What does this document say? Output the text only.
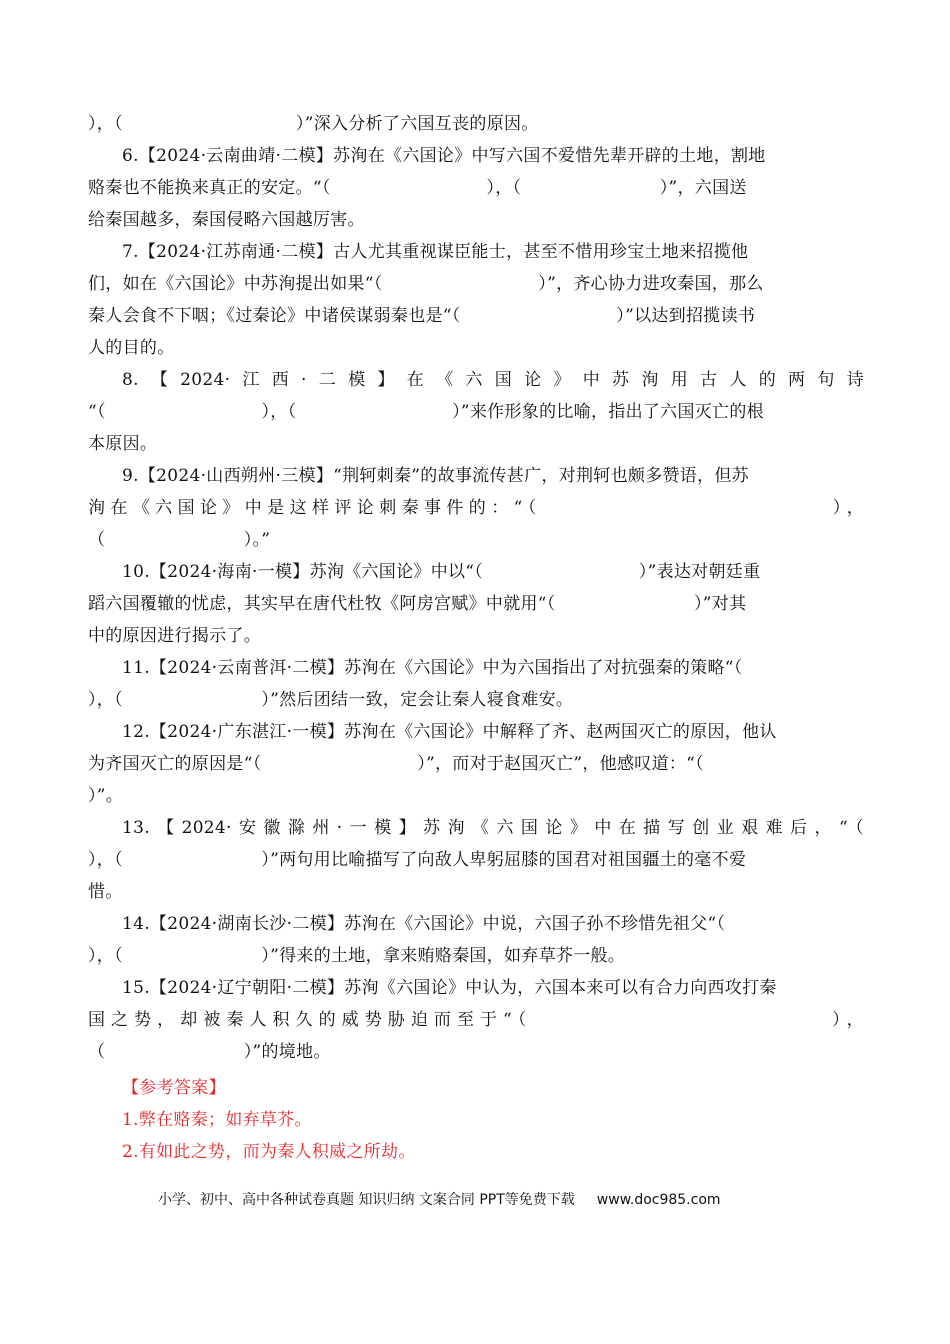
），（　　　　　　　　　　）”深入分析了六国互丧的原因。
6.【2024·云南曲靖·二模】苏洵在《六国论》中写六国不爱惜先辈开辟的土地，割地
赂秦也不能换来真正的安定。“（　　　　　　　　　），（　　　　　　　　）”，六国送
给秦国越多，秦国侵略六国越厉害。
7.【2024·江苏南通·二模】古人尤其重视谋臣能士，甚至不惜用珍宝土地来招揽他
们，如在《六国论》中苏洵提出如果“（　　　　　　　　　）”，齐心协力进攻秦国，那么
秦人会食不下咽；《过秦论》中诸侯谋弱秦也是“（　　　　　　　　　）”以达到招揽读书
人的目的。
8.【2024·江西·二模】在《六国论》中苏洵用古人的两句诗
“（　　　　　　　　　），（　　　　　　　　　）”来作形象的比喻，指出了六国灭亡的根
本原因。
9.【2024·山西朔州·三模】“荆轲刺秦”的故事流传甚广，对荆轲也颇多赞语，但苏
洵在《六国论》中是这样评论刺秦事件的：“（　　　　　　　　　　　　　），
（　　　　　　　　）。”
10.【2024·海南·一模】苏洵《六国论》中以“（　　　　　　　　　）”表达对朝廷重
蹈六国覆辙的忧虑，其实早在唐代杜牧《阿房宫赋》中就用“（　　　　　　　　）”对其
中的原因进行揭示了。
11.【2024·云南普洱·二模】苏洵在《六国论》中为六国指出了对抗强秦的策略“（
），（　　　　　　　　）”然后团结一致，定会让秦人寝食难安。
12.【2024·广东湛江·一模】苏洵在《六国论》中解释了齐、赵两国灭亡的原因，他认
为齐国灭亡的原因是“（　　　　　　　　　）”，而对于赵国灭亡”，他感叹道：“（
）”。
13.【2024·安徽滁州·一模】苏洵《六国论》中在描写创业艰难后，“（
），（　　　　　　　　）”两句用比喻描写了向敌人卑躬屈膝的国君对祖国疆土的毫不爱
惜。
14.【2024·湖南长沙·二模】苏洵在《六国论》中说，六国子孙不珍惜先祖父“（
），（　　　　　　　　）”得来的土地，拿来贿赂秦国，如弃草芥一般。
15.【2024·辽宁朝阳·二模】苏洵《六国论》中认为，六国本来可以有合力向西攻打秦
国之势，却被秦人积久的威势胁迫而至于“（　　　　　　　　　　　　　），
（　　　　　　　　）”的境地。
【参考答案】
1.弊在赂秦；如弃草芥。
2.有如此之势，而为秦人积威之所劫。
小学、初中、高中各种试卷真题 知识归纳 文案合同 PPT等免费下载 www.doc985.com
